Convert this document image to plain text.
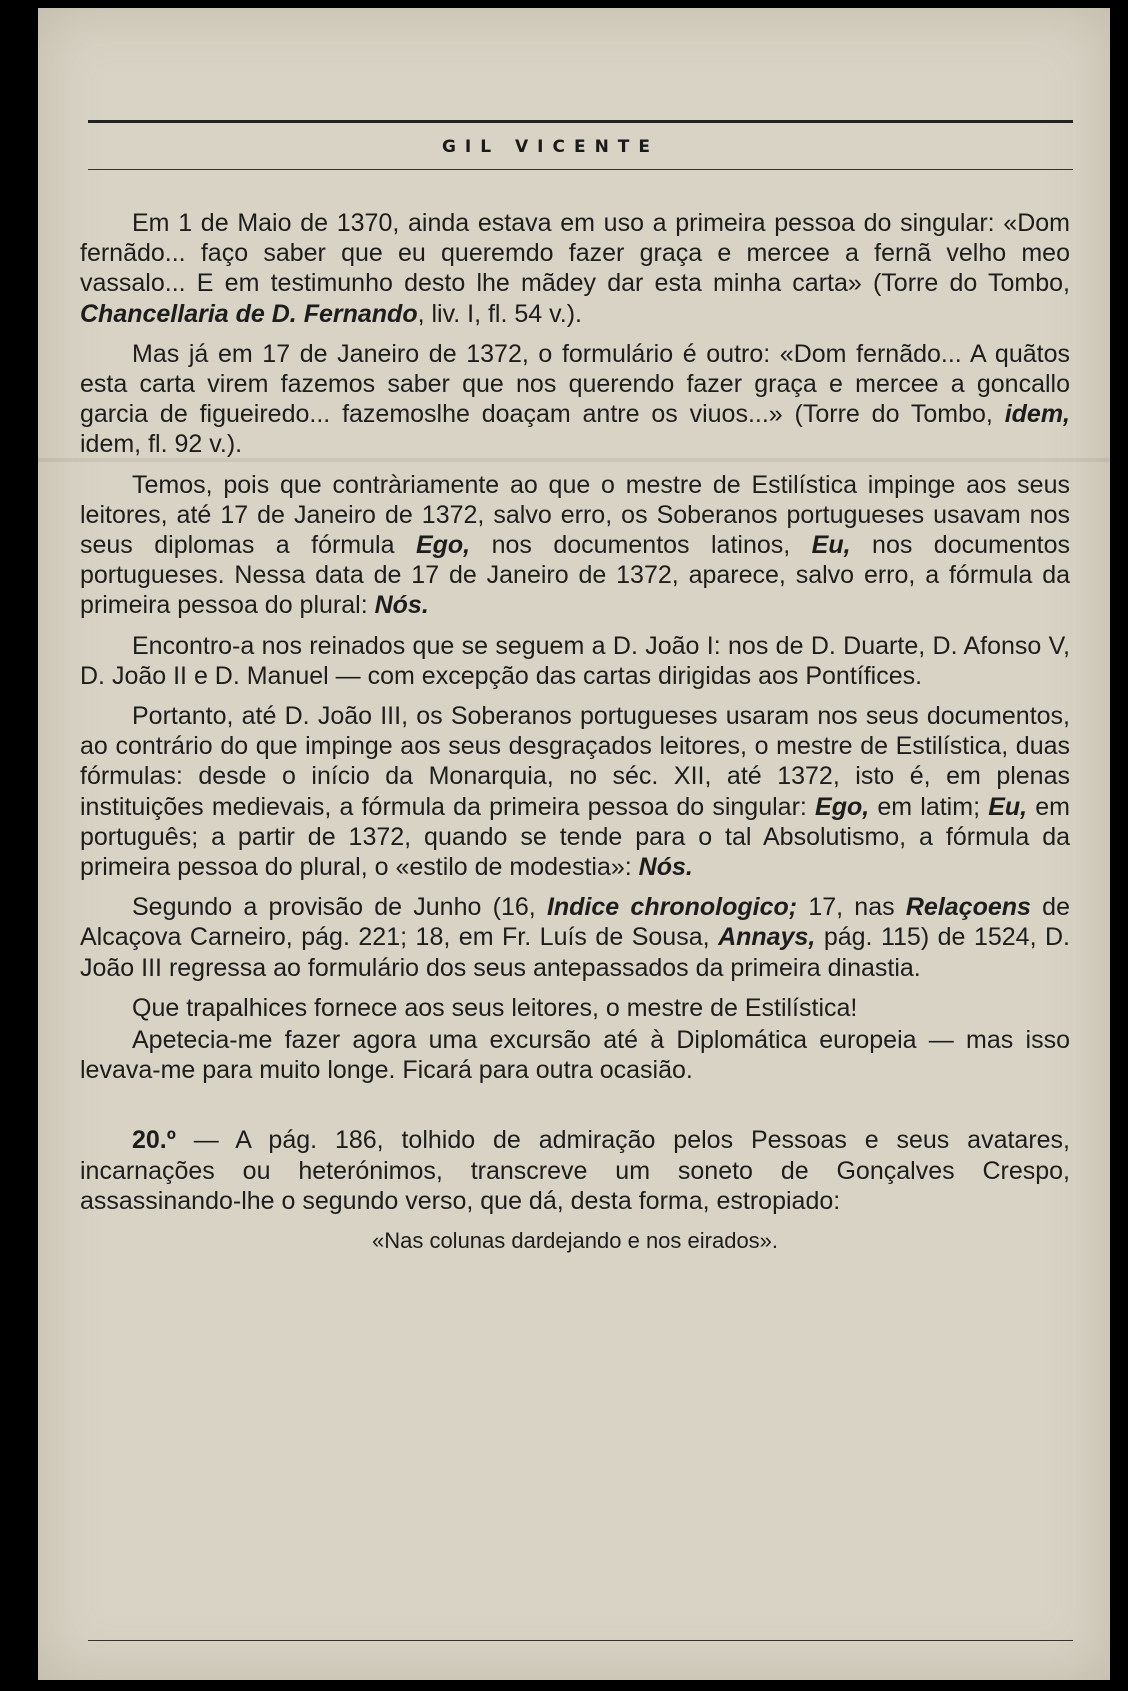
GIL VICENTE

Em 1 de Maio de 1370, ainda estava em uso a primeira pessoa do singular: «Dom fernãdo... faço saber que eu queremdo fazer graça e mercee a fernã velho meo vassalo... E em testimunho desto lhe mãdey dar esta minha carta» (Torre do Tombo, Chancellaria de D. Fernando, liv. I, fl. 54 v.).

Mas já em 17 de Janeiro de 1372, o formulário é outro: «Dom fernãdo... A quãtos esta carta virem fazemos saber que nos querendo fazer graça e mercee a goncallo garcia de figueiredo... fazemoslhe doaçam antre os viuos...» (Torre do Tombo, idem, idem, fl. 92 v.).

Temos, pois que contràriamente ao que o mestre de Estilística impinge aos seus leitores, até 17 de Janeiro de 1372, salvo erro, os Soberanos portugueses usavam nos seus diplomas a fórmula Ego, nos documentos latinos, Eu, nos documentos portugueses. Nessa data de 17 de Janeiro de 1372, aparece, salvo erro, a fórmula da primeira pessoa do plural: Nós.

Encontro-a nos reinados que se seguem a D. João I: nos de D. Duarte, D. Afonso V, D. João II e D. Manuel — com excepção das cartas dirigidas aos Pontífices.

Portanto, até D. João III, os Soberanos portugueses usaram nos seus documentos, ao contrário do que impinge aos seus desgraçados leitores, o mestre de Estilística, duas fórmulas: desde o início da Monarquia, no séc. XII, até 1372, isto é, em plenas instituições medievais, a fórmula da primeira pessoa do singular: Ego, em latim; Eu, em português; a partir de 1372, quando se tende para o tal Absolutismo, a fórmula da primeira pessoa do plural, o «estilo de modestia»: Nós.

Segundo a provisão de Junho (16, Indice chronologico; 17, nas Relaçoens de Alcaçova Carneiro, pág. 221; 18, em Fr. Luís de Sousa, Annays, pág. 115) de 1524, D. João III regressa ao formulário dos seus antepassados da primeira dinastia.

Que trapalhices fornece aos seus leitores, o mestre de Estilística!

Apetecia-me fazer agora uma excursão até à Diplomática europeia — mas isso levava-me para muito longe. Ficará para outra ocasião.

20.º — A pág. 186, tolhido de admiração pelos Pessoas e seus avatares, incarnações ou heterónimos, transcreve um soneto de Gonçalves Crespo, assassinando-lhe o segundo verso, que dá, desta forma, estropiado:

«Nas colunas dardejando e nos eirados».
